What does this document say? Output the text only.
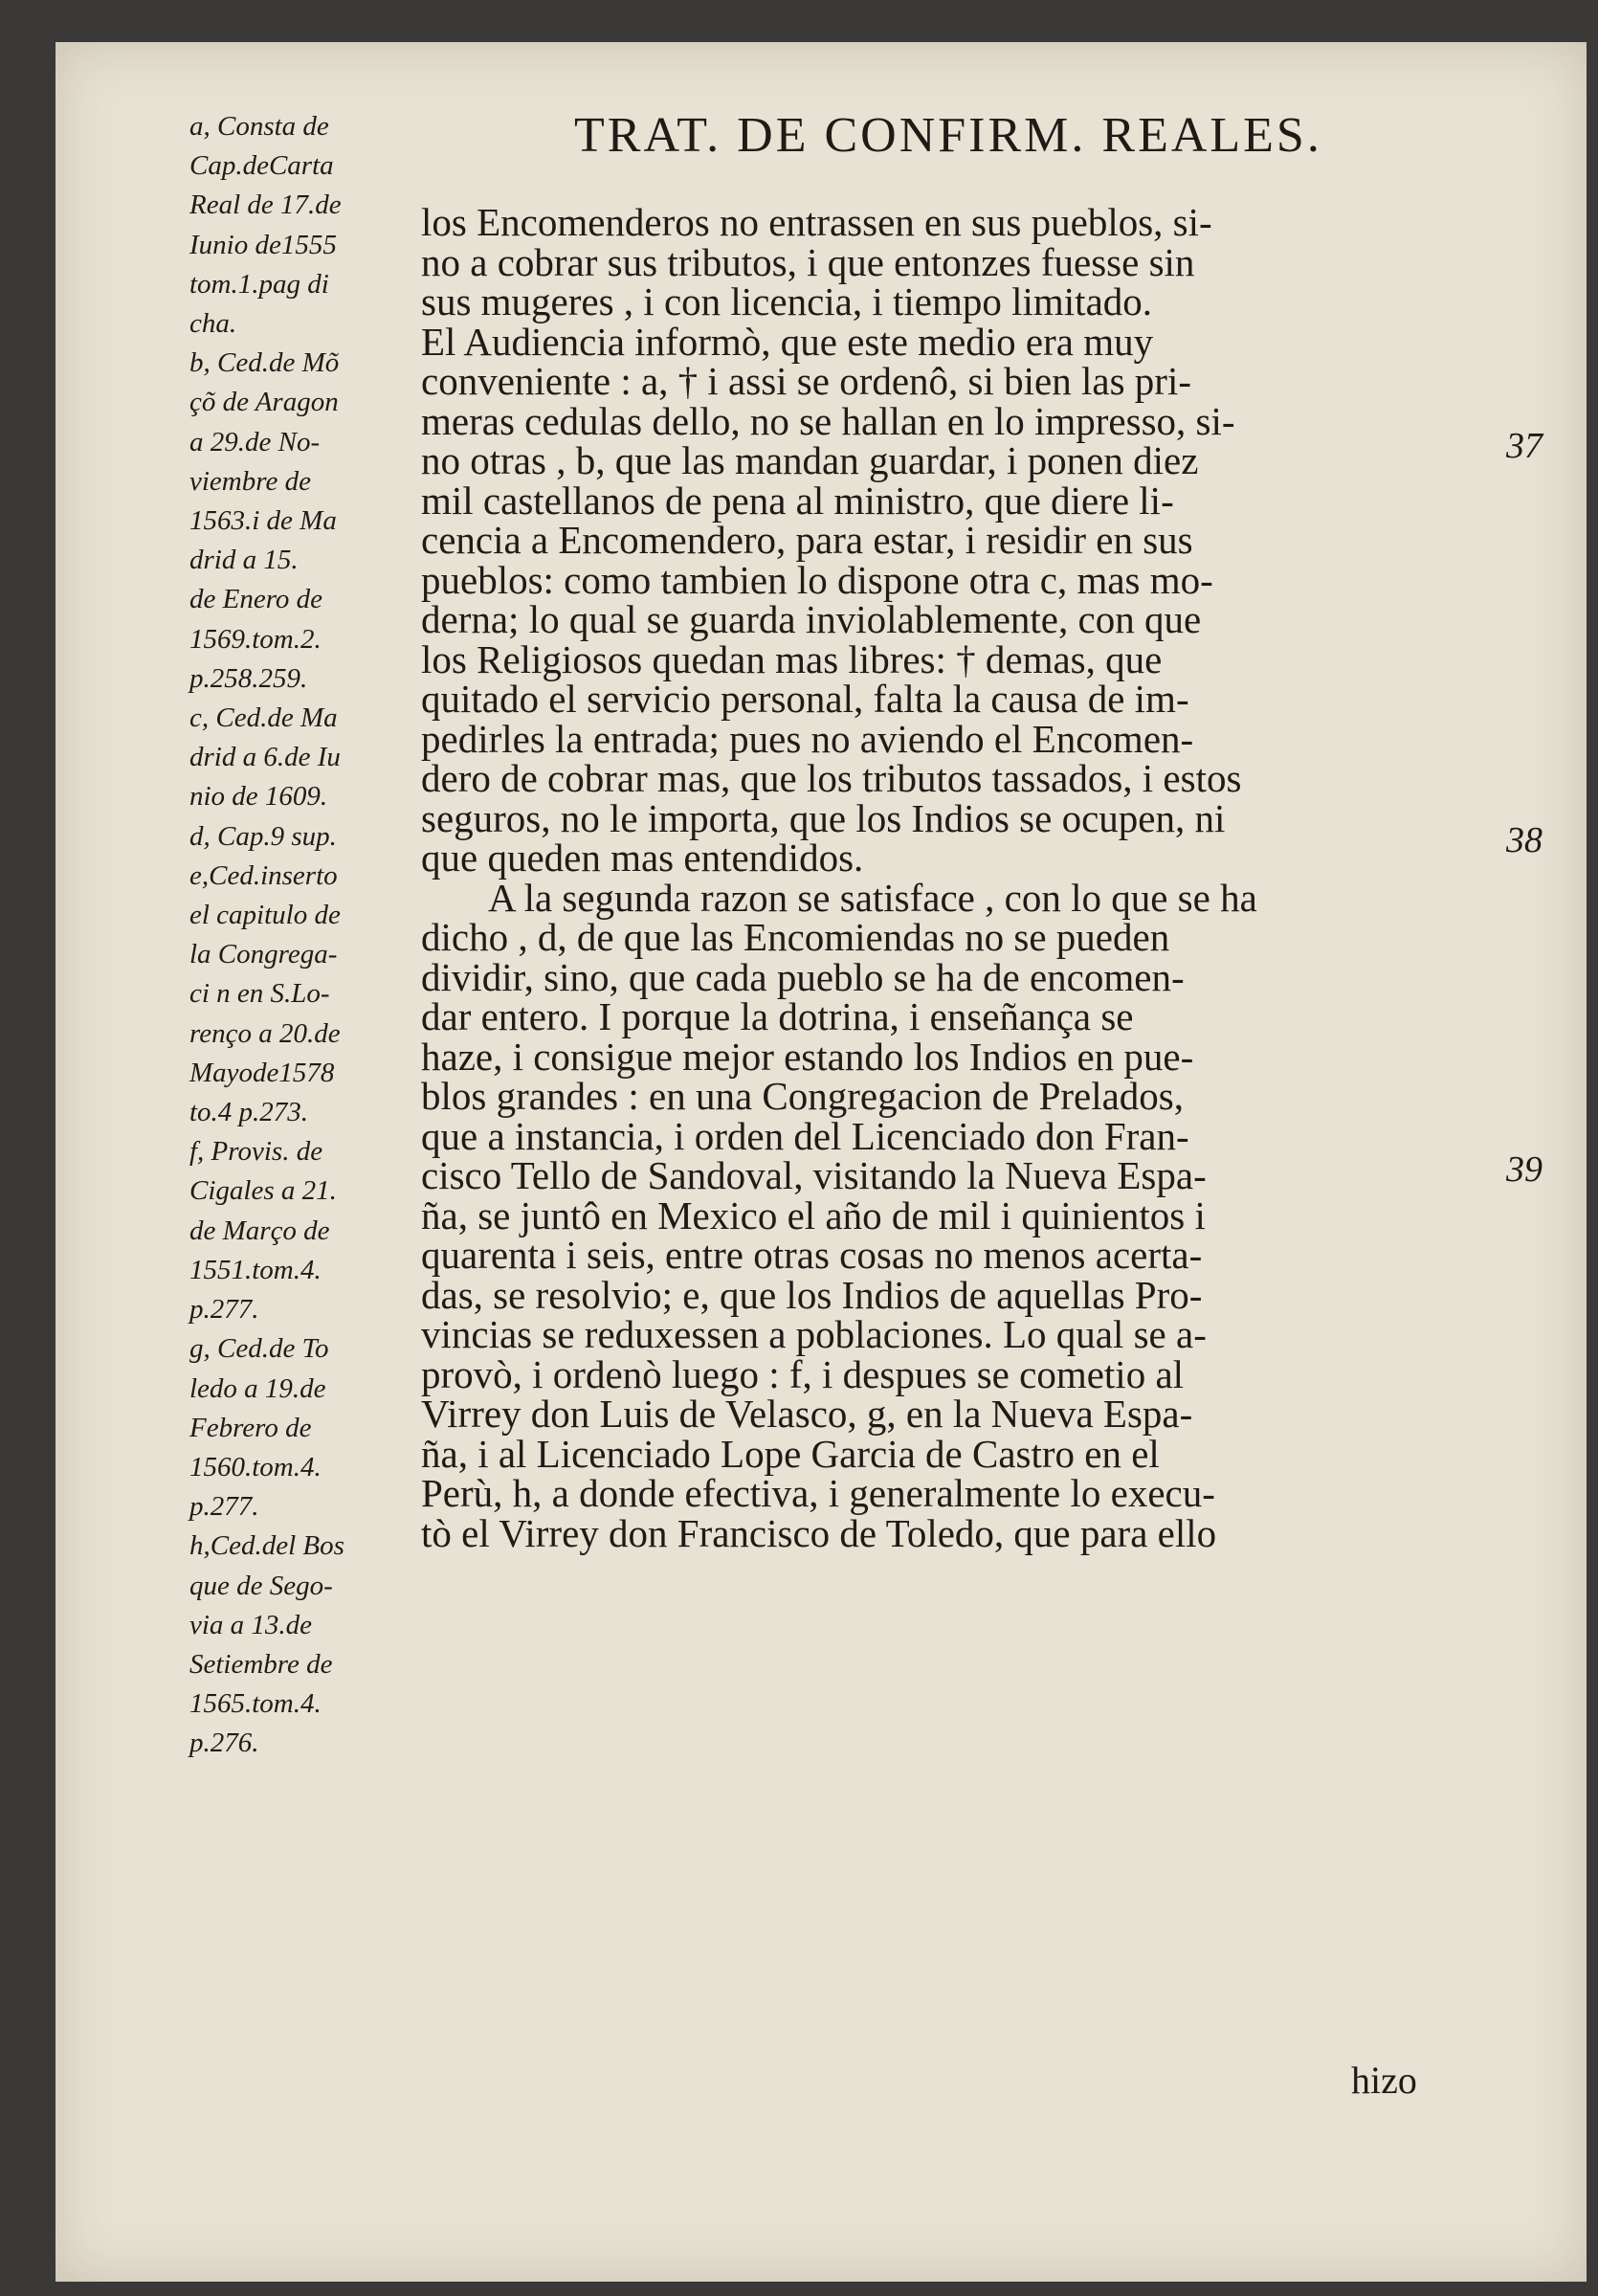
TRAT. DE CONFIRM. REALES.
a, Consta de
Cap.deCarta
Real de 17.de
Iunio de1555
tom.1.pag di
cha.
b, Ced.de Mõ
çõ de Aragon
a 29.de No-
viembre de
1563.i de Ma
drid a 15.
de Enero de
1569.tom.2.
p.258.259.
c, Ced.de Ma
drid a 6.de Iu
nio de 1609.
d, Cap.9 sup.
e,Ced.inserto
el capitulo de
la Congrega-
ci n en S.Lo-
renço a 20.de
Mayode1578
to.4 p.273.
f, Provis. de
Cigales a 21.
de Março de
1551.tom.4.
p.277.
g, Ced.de To
ledo a 19.de
Febrero de
1560.tom.4.
p.277.
h,Ced.del Bos
que de Sego-
via a 13.de
Setiembre de
1565.tom.4.
p.276.
los Encomenderos no entrassen en sus pueblos, si-
no a cobrar sus tributos, i que entonzes fuesse sin
sus mugeres , i con licencia, i tiempo limitado.
El Audiencia informò, que este medio era muy
conveniente : a, † i assi se ordenô, si bien las pri-
meras cedulas dello, no se hallan en lo impresso, si-
no otras , b, que las mandan guardar, i ponen diez
mil castellanos de pena al ministro, que diere li-
cencia a Encomendero, para estar, i residir en sus
pueblos: como tambien lo dispone otra c, mas mo-
derna; lo qual se guarda inviolablemente, con que
los Religiosos quedan mas libres: † demas, que
quitado el servicio personal, falta la causa de im-
pedirles la entrada; pues no aviendo el Encomen-
dero de cobrar mas, que los tributos tassados, i estos
seguros, no le importa, que los Indios se ocupen, ni
que queden mas entendidos.
A la segunda razon se satisface , con lo que se ha
dicho , d, de que las Encomiendas no se pueden
dividir, sino, que cada pueblo se ha de encomen-
dar entero. I porque la dotrina, i enseñança se
haze, i consigue mejor estando los Indios en pue-
blos grandes : en una Congregacion de Prelados,
que a instancia, i orden del Licenciado don Fran-
cisco Tello de Sandoval, visitando la Nueva Espa-
ña, se juntô en Mexico el año de mil i quinientos i
quarenta i seis, entre otras cosas no menos acerta-
das, se resolvio; e, que los Indios de aquellas Pro-
vincias se reduxessen a poblaciones. Lo qual se a-
provò, i ordenò luego : f, i despues se cometio al
Virrey don Luis de Velasco, g, en la Nueva Espa-
ña, i al Licenciado Lope Garcia de Castro en el
Perù, h, a donde efectiva, i generalmente lo execu-
tò el Virrey don Francisco de Toledo, que para ello
37
38
39
hizo
